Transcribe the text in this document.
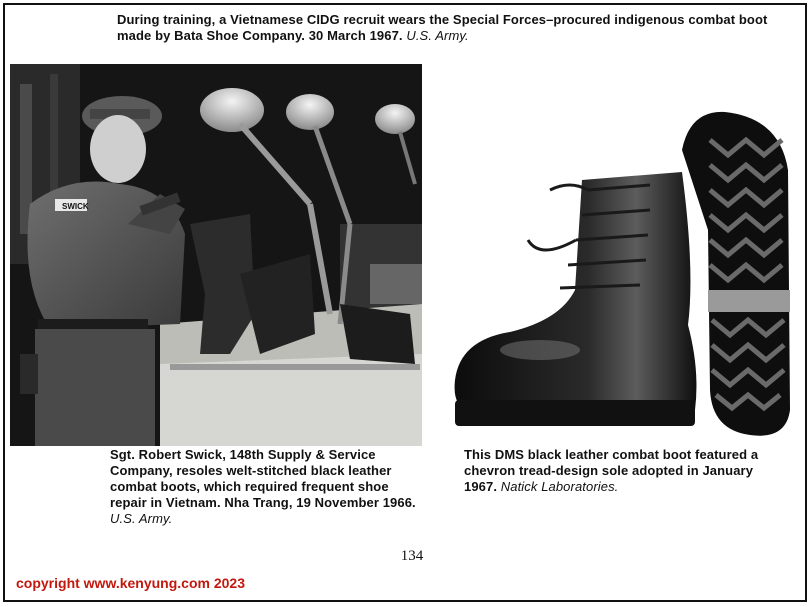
During training, a Vietnamese CIDG recruit wears the Special Forces–procured indigenous combat boot made by Bata Shoe Company. 30 March 1967. U.S. Army.
SWICK
Sgt. Robert Swick, 148th Supply & Service Company, resoles welt-stitched black leather combat boots, which required frequent shoe repair in Vietnam. Nha Trang, 19 November 1966. U.S. Army.
This DMS black leather combat boot featured a chevron tread-design sole adopted in January 1967. Natick Laboratories.
134
copyright www.kenyung.com 2023
